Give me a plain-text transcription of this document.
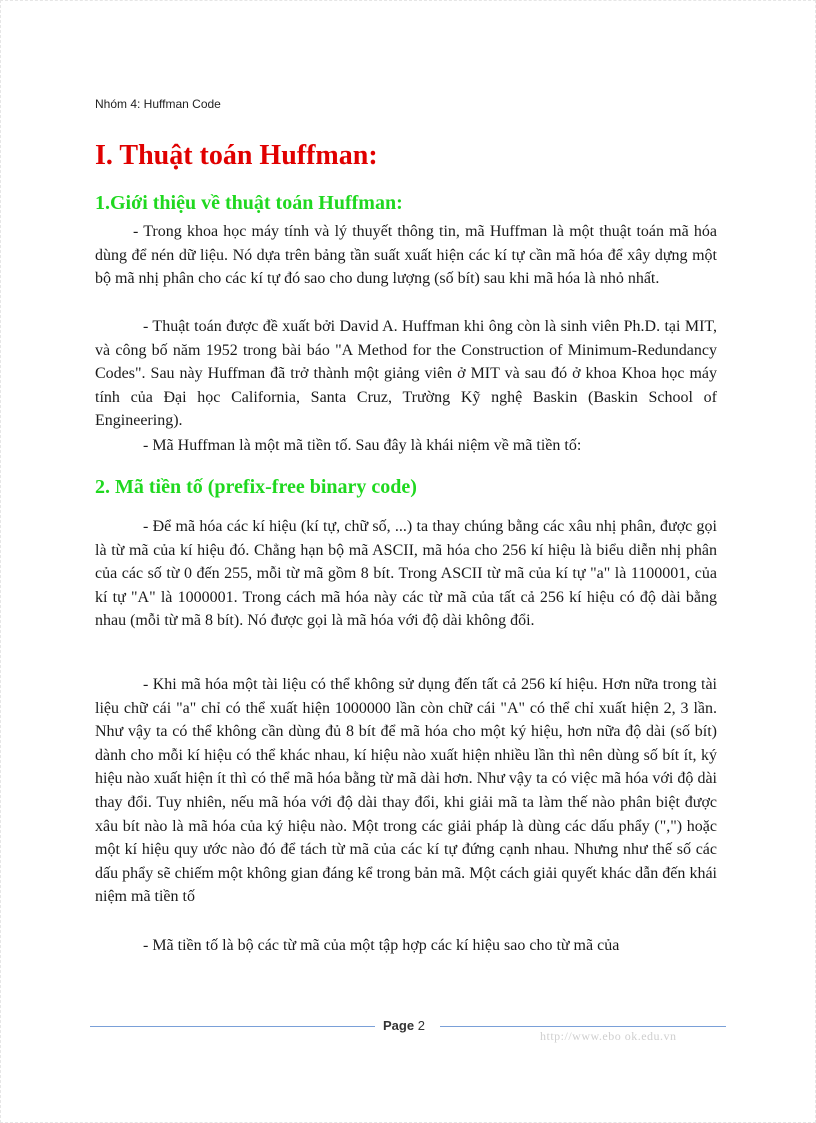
Nhóm 4: Huffman Code
I. Thuật toán Huffman:
1.Giới thiệu về thuật toán Huffman:

- Trong khoa học máy tính và lý thuyết thông tin, mã Huffman là một thuật toán mã hóa dùng để nén dữ liệu. Nó dựa trên bảng tần suất xuất hiện các kí tự cần mã hóa để xây dựng một bộ mã nhị phân cho các kí tự đó sao cho dung lượng (số bít) sau khi mã hóa là nhỏ nhất.

- Thuật toán được đề xuất bởi David A. Huffman khi ông còn là sinh viên Ph.D. tại MIT, và công bố năm 1952 trong bài báo "A Method for the Construction of Minimum-Redundancy Codes". Sau này Huffman đã trở thành một giảng viên ở MIT và sau đó ở khoa Khoa học máy tính của Đại học California, Santa Cruz, Trường Kỹ nghệ Baskin (Baskin School of Engineering).

- Mã Huffman là một mã tiền tố. Sau đây là khái niệm về mã tiền tố:

2. Mã tiền tố (prefix-free binary code)

- Để mã hóa các kí hiệu (kí tự, chữ số, ...) ta thay chúng bằng các xâu nhị phân, được gọi là từ mã của kí hiệu đó. Chẳng hạn bộ mã ASCII, mã hóa cho 256 kí hiệu là biểu diễn nhị phân của các số từ 0 đến 255, mỗi từ mã gồm 8 bít. Trong ASCII từ mã của kí tự "a" là 1100001, của kí tự "A" là 1000001. Trong cách mã hóa này các từ mã của tất cả 256 kí hiệu có độ dài bằng nhau (mỗi từ mã 8 bít). Nó được gọi là mã hóa với độ dài không đổi.

- Khi mã hóa một tài liệu có thể không sử dụng đến tất cả 256 kí hiệu. Hơn nữa trong tài liệu chữ cái "a" chỉ có thể xuất hiện 1000000 lần còn chữ cái "A" có thể chỉ xuất hiện 2, 3 lần. Như vậy ta có thể không cần dùng đủ 8 bít để mã hóa cho một ký hiệu, hơn nữa độ dài (số bít) dành cho mỗi kí hiệu có thể khác nhau, kí hiệu nào xuất hiện nhiều lần thì nên dùng số bít ít, ký hiệu nào xuất hiện ít thì có thể mã hóa bằng từ mã dài hơn. Như vậy ta có việc mã hóa với độ dài thay đổi. Tuy nhiên, nếu mã hóa với độ dài thay đổi, khi giải mã ta làm thế nào phân biệt được xâu bít nào là mã hóa của ký hiệu nào. Một trong các giải pháp là dùng các dấu phẩy (",") hoặc một kí hiệu quy ước nào đó để tách từ mã của các kí tự đứng cạnh nhau. Nhưng như thế số các dấu phẩy sẽ chiếm một không gian đáng kể trong bản mã. Một cách giải quyết khác dẫn đến khái niệm mã tiền tố

- Mã tiền tố là bộ các từ mã của một tập hợp các kí hiệu sao cho từ mã của

Page 2
http://www.ebo ok.edu.vn
